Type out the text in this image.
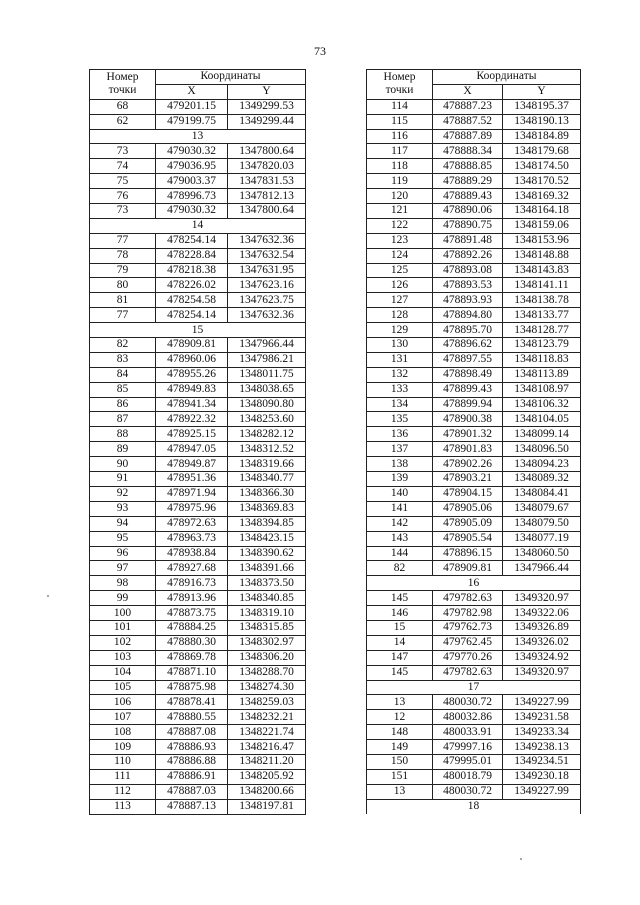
73
Номер
точки	Координаты	
	X	Y
68	479201.15	1349299.53
62	479199.75	1349299.44
13		
73	479030.32	1347800.64
74	479036.95	1347820.03
75	479003.37	1347831.53
76	478996.73	1347812.13
73	479030.32	1347800.64
14		
77	478254.14	1347632.36
78	478228.84	1347632.54
79	478218.38	1347631.95
80	478226.02	1347623.16
81	478254.58	1347623.75
77	478254.14	1347632.36
15		
82	478909.81	1347966.44
83	478960.06	1347986.21
84	478955.26	1348011.75
85	478949.83	1348038.65
86	478941.34	1348090.80
87	478922.32	1348253.60
88	478925.15	1348282.12
89	478947.05	1348312.52
90	478949.87	1348319.66
91	478951.36	1348340.77
92	478971.94	1348366.30
93	478975.96	1348369.83
94	478972.63	1348394.85
95	478963.73	1348423.15
96	478938.84	1348390.62
97	478927.68	1348391.66
98	478916.73	1348373.50
99	478913.96	1348340.85
100	478873.75	1348319.10
101	478884.25	1348315.85
102	478880.30	1348302.97
103	478869.78	1348306.20
104	478871.10	1348288.70
105	478875.98	1348274.30
106	478878.41	1348259.03
107	478880.55	1348232.21
108	478887.08	1348221.74
109	478886.93	1348216.47
110	478886.88	1348211.20
111	478886.91	1348205.92
112	478887.03	1348200.66
113	478887.13	1348197.81
Номер
точки	Координаты	
	X	Y
114	478887.23	1348195.37
115	478887.52	1348190.13
116	478887.89	1348184.89
117	478888.34	1348179.68
118	478888.85	1348174.50
119	478889.29	1348170.52
120	478889.43	1348169.32
121	478890.06	1348164.18
122	478890.75	1348159.06
123	478891.48	1348153.96
124	478892.26	1348148.88
125	478893.08	1348143.83
126	478893.53	1348141.11
127	478893.93	1348138.78
128	478894.80	1348133.77
129	478895.70	1348128.77
130	478896.62	1348123.79
131	478897.55	1348118.83
132	478898.49	1348113.89
133	478899.43	1348108.97
134	478899.94	1348106.32
135	478900.38	1348104.05
136	478901.32	1348099.14
137	478901.83	1348096.50
138	478902.26	1348094.23
139	478903.21	1348089.32
140	478904.15	1348084.41
141	478905.06	1348079.67
142	478905.09	1348079.50
143	478905.54	1348077.19
144	478896.15	1348060.50
82	478909.81	1347966.44
16		
145	479782.63	1349320.97
146	479782.98	1349322.06
15	479762.73	1349326.89
14	479762.45	1349326.02
147	479770.26	1349324.92
145	479782.63	1349320.97
17		
13	480030.72	1349227.99
12	480032.86	1349231.58
148	480033.91	1349233.34
149	479997.16	1349238.13
150	479995.01	1349234.51
151	480018.79	1349230.18
13	480030.72	1349227.99
18		
